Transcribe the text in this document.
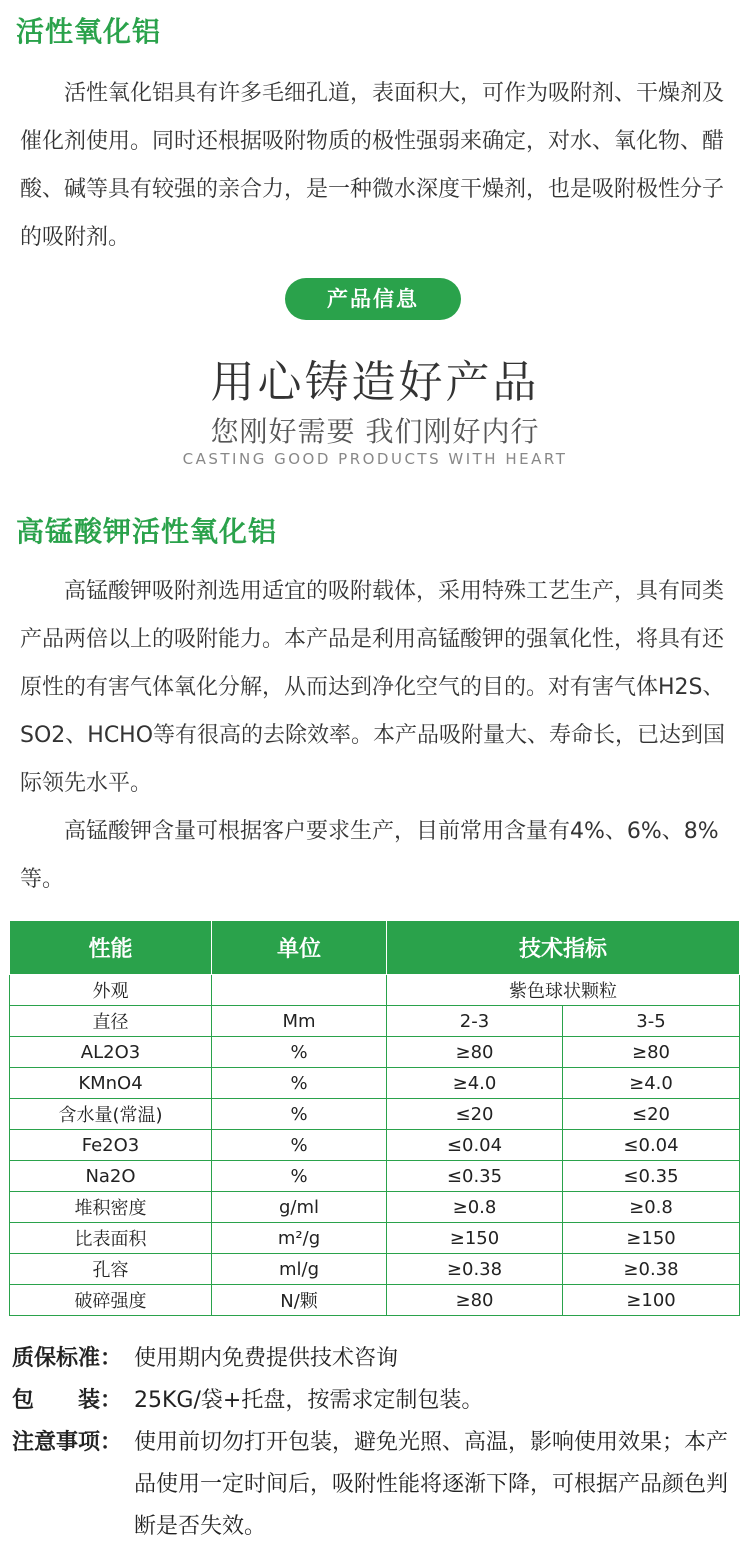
活性氧化铝

活性氧化铝具有许多毛细孔道，表面积大，可作为吸附剂、干燥剂及催化剂使用。同时还根据吸附物质的极性强弱来确定，对水、氧化物、醋酸、碱等具有较强的亲合力，是一种微水深度干燥剂，也是吸附极性分子的吸附剂。

产品信息
用心铸造好产品
您刚好需要 我们刚好内行
CASTING GOOD PRODUCTS WITH HEART
高锰酸钾活性氧化铝

高锰酸钾吸附剂选用适宜的吸附载体，采用特殊工艺生产，具有同类产品两倍以上的吸附能力。本产品是利用高锰酸钾的强氧化性，将具有还原性的有害气体氧化分解，从而达到净化空气的目的。对有害气体H2S、SO2、HCHO等有很高的去除效率。本产品吸附量大、寿命长，已达到国际领先水平。

高锰酸钾含量可根据客户要求生产，目前常用含量有4%、6%、8%等。

性能	单位	技术指标	
外观		紫色球状颗粒	
直径	Mm	2-3	3-5
AL2O3	%	≥80	≥80
KMnO4	%	≥4.0	≥4.0
含水量(常温)	%	≤20	≤20
Fe2O3	%	≤0.04	≤0.04
Na2O	%	≤0.35	≤0.35
堆积密度	g/ml	≥0.8	≥0.8
比表面积	m²/g	≥150	≥150
孔容	ml/g	≥0.38	≥0.38
破碎强度	N/颗	≥80	≥100
质保标准： 使用期内免费提供技术咨询
包　　装： 25KG/袋+托盘，按需求定制包装。
注意事项： 使用前切勿打开包装，避免光照、高温，影响使用效果；本产品使用一定时间后，吸附性能将逐渐下降，可根据产品颜色判断是否失效。
